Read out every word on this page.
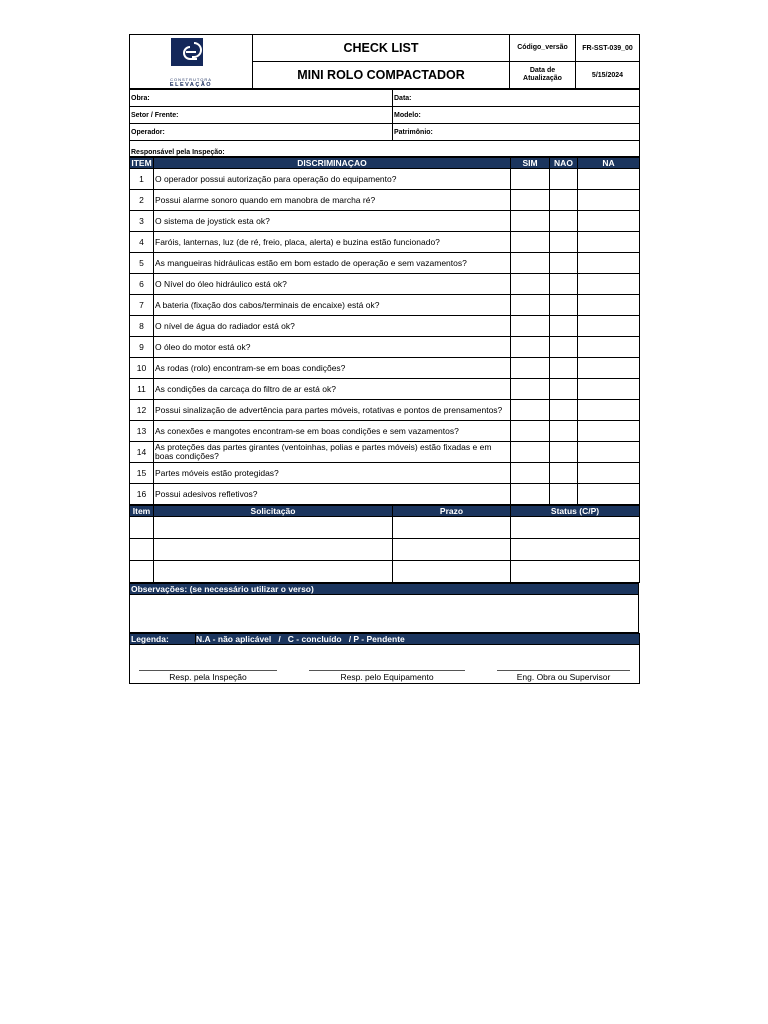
CONSTRUTORA
ELEVAÇÃO	CHECK LIST	Código_versão	FR-SST-039_00
	MINI ROLO COMPACTADOR	Data de Atualização	5/15/2024
Obra:	Data:
Setor / Frente:	Modelo:
Operador:	Patrimônio:
Responsável pela Inspeção:	
ITEM	DISCRIMINAÇAO	SIM	NAO	NA
1	O operador possui autorização para operação do equipamento?			
2	Possui alarme sonoro quando em manobra de marcha ré?			
3	O sistema de joystick esta ok?			
4	Faróis, lanternas, luz (de ré, freio, placa, alerta) e buzina estão funcionado?			
5	As mangueiras hidráulicas estão em bom estado de operação e sem vazamentos?			
6	O Nível do óleo hidráulico está ok?			
7	A bateria (fixação dos cabos/terminais de encaixe) está ok?			
8	O nível de água do radiador está ok?			
9	O óleo do motor está ok?			
10	As rodas (rolo) encontram-se em boas condições?			
11	As condições da carcaça do filtro de ar está ok?			
12	Possui sinalização de advertência para partes móveis, rotativas e pontos de prensamentos?			
13	As conexões e mangotes encontram-se em boas condições e sem vazamentos?			
14	As proteções das partes girantes (ventoinhas, polias e partes móveis) estão fixadas e em boas condições?			
15	Partes móveis estão protegidas?			
16	Possui adesivos refletivos?			
Item	Solicitação	Prazo	Status (C/P)

Observações: (se necessário utilizar o verso)

Legenda:	N.A - não aplicável   /   C - concluído   / P - Pendente

Resp. pela Inspeção	Resp. pelo Equipamento	Eng. Obra ou Supervisor
